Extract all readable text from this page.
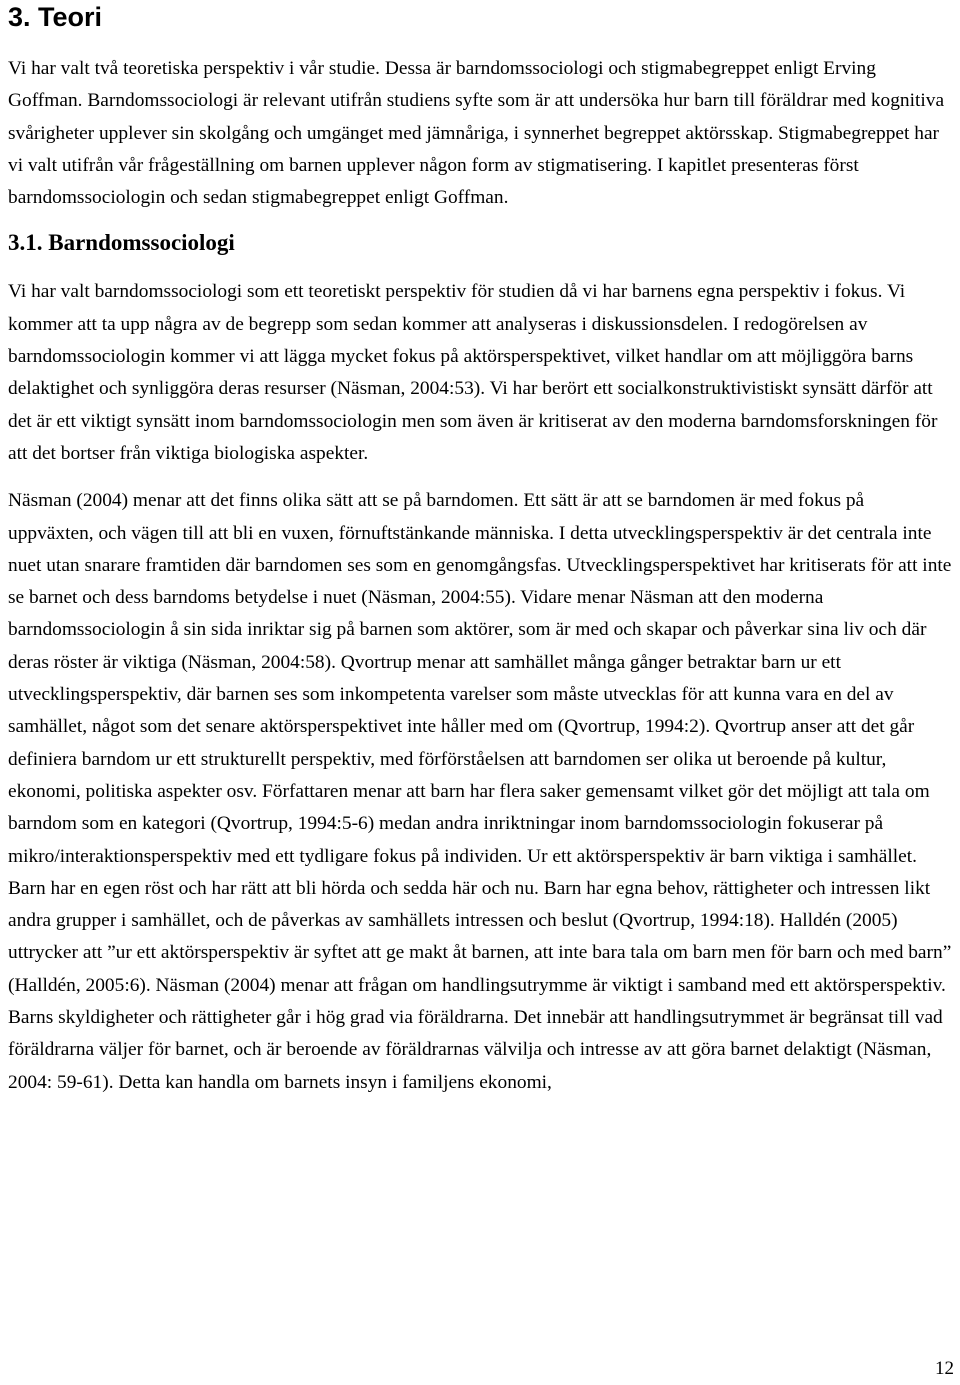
3. Teori

Vi har valt två teoretiska perspektiv i vår studie. Dessa är barndomssociologi och stigmabegreppet enligt Erving Goffman. Barndomssociologi är relevant utifrån studiens syfte som är att undersöka hur barn till föräldrar med kognitiva svårigheter upplever sin skolgång och umgänget med jämnåriga, i synnerhet begreppet aktörsskap. Stigmabegreppet har vi valt utifrån vår frågeställning om barnen upplever någon form av stigmatisering. I kapitlet presenteras först barndomssociologin och sedan stigmabegreppet enligt Goffman.

3.1. Barndomssociologi

Vi har valt barndomssociologi som ett teoretiskt perspektiv för studien då vi har barnens egna perspektiv i fokus. Vi kommer att ta upp några av de begrepp som sedan kommer att analyseras i diskussionsdelen. I redogörelsen av barndomssociologin kommer vi att lägga mycket fokus på aktörsperspektivet, vilket handlar om att möjliggöra barns delaktighet och synliggöra deras resurser (Näsman, 2004:53). Vi har berört ett socialkonstruktivistiskt synsätt därför att det är ett viktigt synsätt inom barndomssociologin men som även är kritiserat av den moderna barndomsforskningen för att det bortser från viktiga biologiska aspekter.

Näsman (2004) menar att det finns olika sätt att se på barndomen. Ett sätt är att se barndomen är med fokus på uppväxten, och vägen till att bli en vuxen, förnuftstänkande människa. I detta utvecklingsperspektiv är det centrala inte nuet utan snarare framtiden där barndomen ses som en genomgångsfas. Utvecklingsperspektivet har kritiserats för att inte se barnet och dess barndoms betydelse i nuet (Näsman, 2004:55). Vidare menar Näsman att den moderna barndomssociologin å sin sida inriktar sig på barnen som aktörer, som är med och skapar och påverkar sina liv och där deras röster är viktiga (Näsman, 2004:58). Qvortrup menar att samhället många gånger betraktar barn ur ett utvecklingsperspektiv, där barnen ses som inkompetenta varelser som måste utvecklas för att kunna vara en del av samhället, något som det senare aktörsperspektivet inte håller med om (Qvortrup, 1994:2). Qvortrup anser att det går definiera barndom ur ett strukturellt perspektiv, med förförståelsen att barndomen ser olika ut beroende på kultur, ekonomi, politiska aspekter osv. Författaren menar att barn har flera saker gemensamt vilket gör det möjligt att tala om barndom som en kategori (Qvortrup, 1994:5-6) medan andra inriktningar inom barndomssociologin fokuserar på mikro/interaktionsperspektiv med ett tydligare fokus på individen. Ur ett aktörsperspektiv är barn viktiga i samhället. Barn har en egen röst och har rätt att bli hörda och sedda här och nu. Barn har egna behov, rättigheter och intressen likt andra grupper i samhället, och de påverkas av samhällets intressen och beslut (Qvortrup, 1994:18). Halldén (2005) uttrycker att ”ur ett aktörsperspektiv är syftet att ge makt åt barnen, att inte bara tala om barn men för barn och med barn” (Halldén, 2005:6). Näsman (2004) menar att frågan om handlingsutrymme är viktigt i samband med ett aktörsperspektiv. Barns skyldigheter och rättigheter går i hög grad via föräldrarna. Det innebär att handlingsutrymmet är begränsat till vad föräldrarna väljer för barnet, och är beroende av föräldrarnas välvilja och intresse av att göra barnet delaktigt (Näsman, 2004: 59-61). Detta kan handla om barnets insyn i familjens ekonomi,

12
